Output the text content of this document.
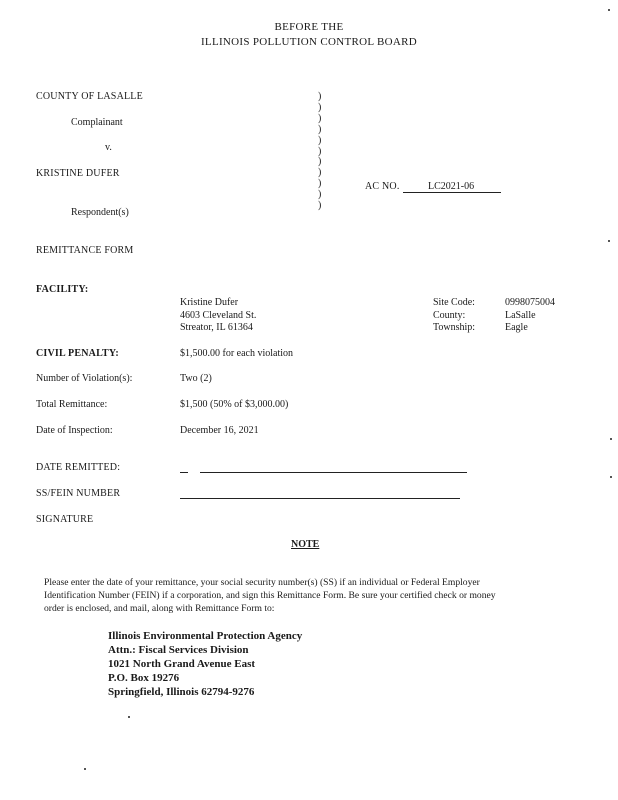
BEFORE THE
ILLINOIS POLLUTION CONTROL BOARD
COUNTY OF LASALLE
Complainant
v.
KRISTINE DUFER
Respondent(s)
)
)
)
)
)
)
)
)
)
)
)
AC NO.	LC2021-06
REMITTANCE FORM
FACILITY:
Kristine Dufer
4603 Cleveland St.
Streator, IL 61364
Site Code:	0998075004
County:	LaSalle
Township:	Eagle
CIVIL PENALTY:	$1,500.00 for each violation
Number of Violation(s):	Two (2)
Total Remittance:	$1,500 (50% of $3,000.00)
Date of Inspection:	December 16, 2021
DATE REMITTED:
SS/FEIN NUMBER
SIGNATURE
NOTE
Please enter the date of your remittance, your social security number(s) (SS) if an individual or Federal Employer
Identification Number (FEIN) if a corporation, and sign this Remittance Form. Be sure your certified check or money
order is enclosed, and mail, along with Remittance Form to:
Illinois Environmental Protection Agency
Attn.: Fiscal Services Division
1021 North Grand Avenue East
P.O. Box 19276
Springfield, Illinois 62794-9276
